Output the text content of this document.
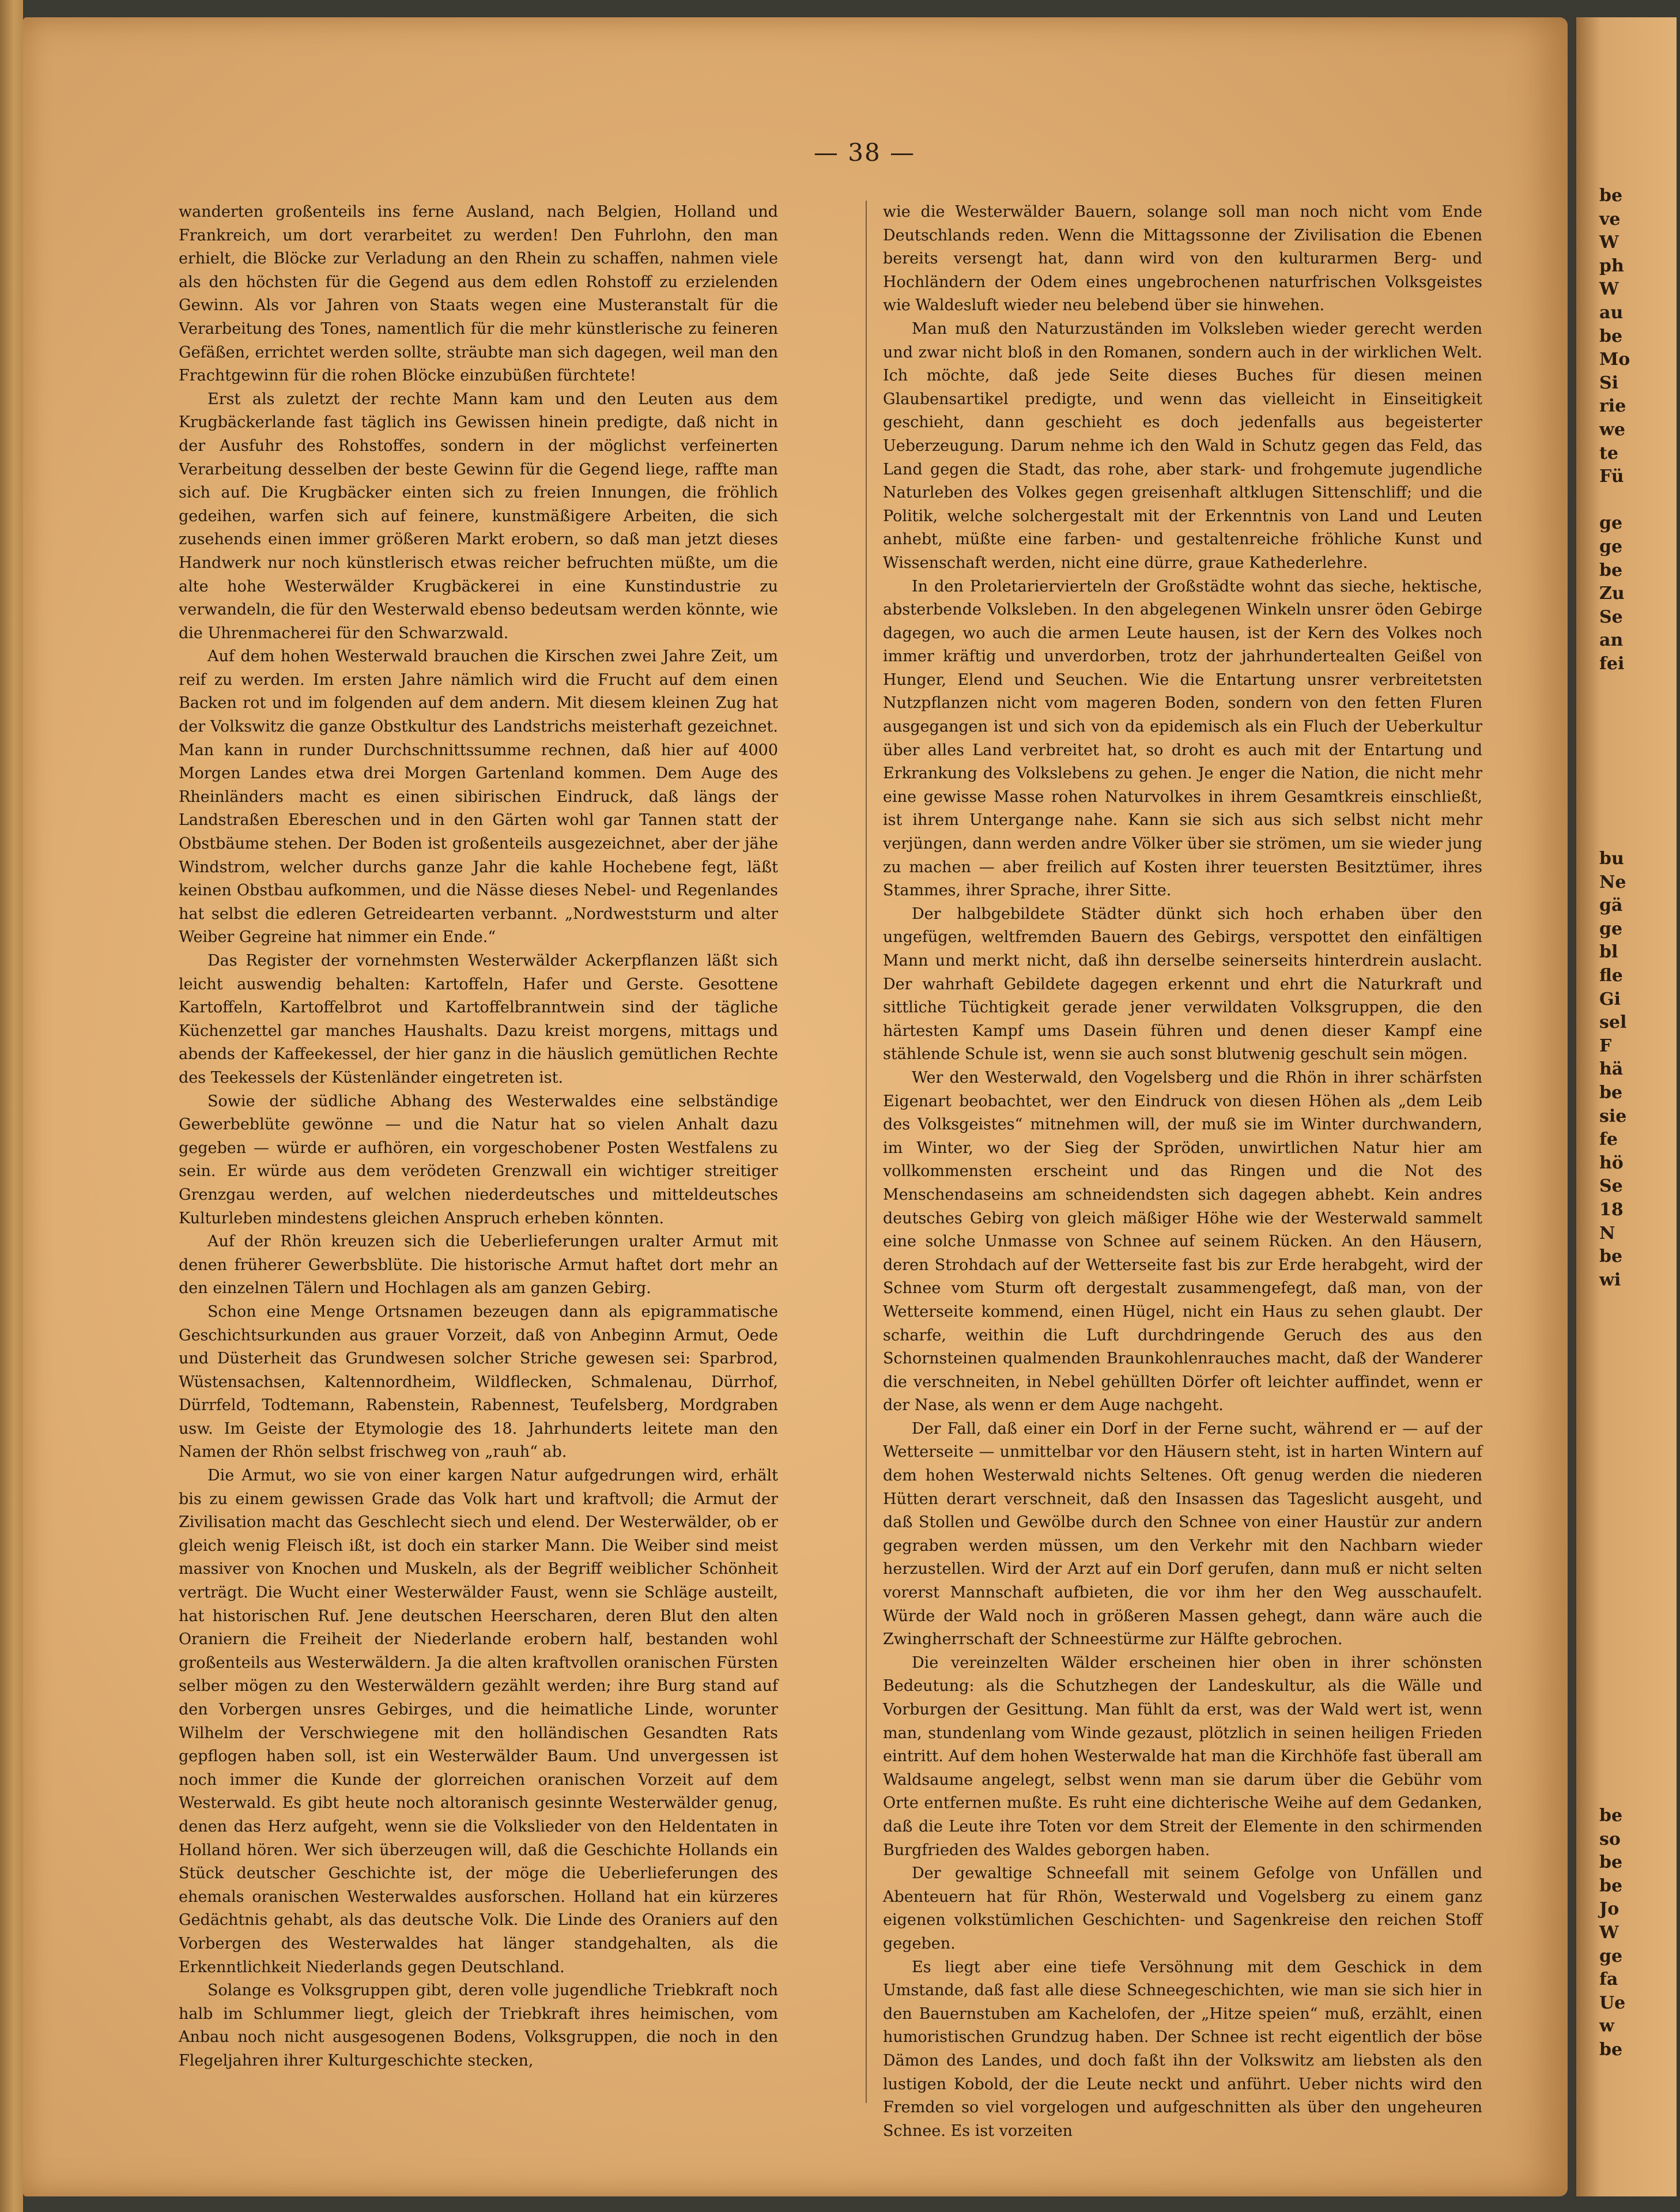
— 38 —

wanderten großenteils ins ferne Ausland, nach Belgien, Holland und Frankreich, um dort verarbeitet zu werden! Den Fuhrlohn, den man erhielt, die Blöcke zur Verladung an den Rhein zu schaffen, nahmen viele als den höchsten für die Gegend aus dem edlen Rohstoff zu erzielenden Gewinn. Als vor Jahren von Staats wegen eine Musteranstalt für die Verarbeitung des Tones, namentlich für die mehr künstlerische zu feineren Gefäßen, errichtet werden sollte, sträubte man sich dagegen, weil man den Frachtgewinn für die rohen Blöcke einzubüßen fürchtete!

Erst als zuletzt der rechte Mann kam und den Leuten aus dem Krugbäckerlande fast täglich ins Gewissen hinein predigte, daß nicht in der Ausfuhr des Rohstoffes, sondern in der möglichst verfeinerten Verarbeitung desselben der beste Gewinn für die Gegend liege, raffte man sich auf. Die Krugbäcker einten sich zu freien Innungen, die fröhlich gedeihen, warfen sich auf feinere, kunstmäßigere Arbeiten, die sich zusehends einen immer größeren Markt erobern, so daß man jetzt dieses Handwerk nur noch künstlerisch etwas reicher befruchten müßte, um die alte hohe Westerwälder Krugbäckerei in eine Kunstindustrie zu verwandeln, die für den Westerwald ebenso bedeutsam werden könnte, wie die Uhrenmacherei für den Schwarzwald.

Auf dem hohen Westerwald brauchen die Kirschen zwei Jahre Zeit, um reif zu werden. Im ersten Jahre nämlich wird die Frucht auf dem einen Backen rot und im folgenden auf dem andern. Mit diesem kleinen Zug hat der Volkswitz die ganze Obstkultur des Landstrichs meisterhaft gezeichnet. Man kann in runder Durchschnittssumme rechnen, daß hier auf 4000 Morgen Landes etwa drei Morgen Gartenland kommen. Dem Auge des Rheinländers macht es einen sibirischen Eindruck, daß längs der Landstraßen Ebereschen und in den Gärten wohl gar Tannen statt der Obstbäume stehen. Der Boden ist großenteils ausgezeichnet, aber der jähe Windstrom, welcher durchs ganze Jahr die kahle Hochebene fegt, läßt keinen Obstbau aufkommen, und die Nässe dieses Nebel- und Regenlandes hat selbst die edleren Getreidearten verbannt. „Nordweststurm und alter Weiber Gegreine hat nimmer ein Ende.“

Das Register der vornehmsten Westerwälder Ackerpflanzen läßt sich leicht auswendig behalten: Kartoffeln, Hafer und Gerste. Gesottene Kartoffeln, Kartoffelbrot und Kartoffelbranntwein sind der tägliche Küchenzettel gar manches Haushalts. Dazu kreist morgens, mittags und abends der Kaffeekessel, der hier ganz in die häuslich gemütlichen Rechte des Teekessels der Küstenländer eingetreten ist.

Sowie der südliche Abhang des Westerwaldes eine selbständige Gewerbeblüte gewönne — und die Natur hat so vielen Anhalt dazu gegeben — würde er aufhören, ein vorgeschobener Posten Westfalens zu sein. Er würde aus dem verödeten Grenzwall ein wichtiger streitiger Grenzgau werden, auf welchen niederdeutsches und mitteldeutsches Kulturleben mindestens gleichen Anspruch erheben könnten.

Auf der Rhön kreuzen sich die Ueberlieferungen uralter Armut mit denen früherer Gewerbsblüte. Die historische Armut haftet dort mehr an den einzelnen Tälern und Hochlagen als am ganzen Gebirg.

Schon eine Menge Ortsnamen bezeugen dann als epigrammatische Geschichtsurkunden aus grauer Vorzeit, daß von Anbeginn Armut, Oede und Düsterheit das Grundwesen solcher Striche gewesen sei: Sparbrod, Wüstensachsen, Kaltennordheim, Wildflecken, Schmalenau, Dürrhof, Dürrfeld, Todtemann, Rabenstein, Rabennest, Teufelsberg, Mordgraben usw. Im Geiste der Etymologie des 18. Jahrhunderts leitete man den Namen der Rhön selbst frischweg von „rauh“ ab.

Die Armut, wo sie von einer kargen Natur aufgedrungen wird, erhält bis zu einem gewissen Grade das Volk hart und kraftvoll; die Armut der Zivilisation macht das Geschlecht siech und elend. Der Westerwälder, ob er gleich wenig Fleisch ißt, ist doch ein starker Mann. Die Weiber sind meist massiver von Knochen und Muskeln, als der Begriff weiblicher Schönheit verträgt. Die Wucht einer Westerwälder Faust, wenn sie Schläge austeilt, hat historischen Ruf. Jene deutschen Heerscharen, deren Blut den alten Oraniern die Freiheit der Niederlande erobern half, bestanden wohl großenteils aus Westerwäldern. Ja die alten kraftvollen oranischen Fürsten selber mögen zu den Westerwäldern gezählt werden; ihre Burg stand auf den Vorbergen unsres Gebirges, und die heimatliche Linde, worunter Wilhelm der Verschwiegene mit den holländischen Gesandten Rats gepflogen haben soll, ist ein Westerwälder Baum. Und unvergessen ist noch immer die Kunde der glorreichen oranischen Vorzeit auf dem Westerwald. Es gibt heute noch altoranisch gesinnte Westerwälder genug, denen das Herz aufgeht, wenn sie die Volkslieder von den Heldentaten in Holland hören. Wer sich überzeugen will, daß die Geschichte Hollands ein Stück deutscher Geschichte ist, der möge die Ueberlieferungen des ehemals oranischen Westerwaldes ausforschen. Holland hat ein kürzeres Gedächtnis gehabt, als das deutsche Volk. Die Linde des Oraniers auf den Vorbergen des Westerwaldes hat länger standgehalten, als die Erkenntlichkeit Niederlands gegen Deutschland.

Solange es Volksgruppen gibt, deren volle jugendliche Triebkraft noch halb im Schlummer liegt, gleich der Triebkraft ihres heimischen, vom Anbau noch nicht ausgesogenen Bodens, Volksgruppen, die noch in den Flegeljahren ihrer Kulturgeschichte stecken,

wie die Westerwälder Bauern, solange soll man noch nicht vom Ende Deutschlands reden. Wenn die Mittagssonne der Zivilisation die Ebenen bereits versengt hat, dann wird von den kulturarmen Berg- und Hochländern der Odem eines ungebrochenen naturfrischen Volksgeistes wie Waldesluft wieder neu belebend über sie hinwehen.

Man muß den Naturzuständen im Volksleben wieder gerecht werden und zwar nicht bloß in den Romanen, sondern auch in der wirklichen Welt. Ich möchte, daß jede Seite dieses Buches für diesen meinen Glaubensartikel predigte, und wenn das vielleicht in Einseitigkeit geschieht, dann geschieht es doch jedenfalls aus begeisterter Ueberzeugung. Darum nehme ich den Wald in Schutz gegen das Feld, das Land gegen die Stadt, das rohe, aber stark- und frohgemute jugendliche Naturleben des Volkes gegen greisenhaft altklugen Sittenschliff; und die Politik, welche solchergestalt mit der Erkenntnis von Land und Leuten anhebt, müßte eine farben- und gestaltenreiche fröhliche Kunst und Wissenschaft werden, nicht eine dürre, graue Kathederlehre.

In den Proletariervierteln der Großstädte wohnt das sieche, hektische, absterbende Volksleben. In den abgelegenen Winkeln unsrer öden Gebirge dagegen, wo auch die armen Leute hausen, ist der Kern des Volkes noch immer kräftig und unverdorben, trotz der jahrhundertealten Geißel von Hunger, Elend und Seuchen. Wie die Entartung unsrer verbreitetsten Nutzpflanzen nicht vom mageren Boden, sondern von den fetten Fluren ausgegangen ist und sich von da epidemisch als ein Fluch der Ueberkultur über alles Land verbreitet hat, so droht es auch mit der Entartung und Erkrankung des Volkslebens zu gehen. Je enger die Nation, die nicht mehr eine gewisse Masse rohen Naturvolkes in ihrem Gesamtkreis einschließt, ist ihrem Untergange nahe. Kann sie sich aus sich selbst nicht mehr verjüngen, dann werden andre Völker über sie strömen, um sie wieder jung zu machen — aber freilich auf Kosten ihrer teuersten Besitztümer, ihres Stammes, ihrer Sprache, ihrer Sitte.

Der halbgebildete Städter dünkt sich hoch erhaben über den ungefügen, weltfremden Bauern des Gebirgs, verspottet den einfältigen Mann und merkt nicht, daß ihn derselbe seinerseits hinterdrein auslacht. Der wahrhaft Gebildete dagegen erkennt und ehrt die Naturkraft und sittliche Tüchtigkeit gerade jener verwildaten Volksgruppen, die den härtesten Kampf ums Dasein führen und denen dieser Kampf eine stählende Schule ist, wenn sie auch sonst blutwenig geschult sein mögen.

Wer den Westerwald, den Vogelsberg und die Rhön in ihrer schärfsten Eigenart beobachtet, wer den Eindruck von diesen Höhen als „dem Leib des Volksgeistes“ mitnehmen will, der muß sie im Winter durchwandern, im Winter, wo der Sieg der Spröden, unwirtlichen Natur hier am vollkommensten erscheint und das Ringen und die Not des Menschendaseins am schneidendsten sich dagegen abhebt. Kein andres deutsches Gebirg von gleich mäßiger Höhe wie der Westerwald sammelt eine solche Unmasse von Schnee auf seinem Rücken. An den Häusern, deren Strohdach auf der Wetterseite fast bis zur Erde herabgeht, wird der Schnee vom Sturm oft dergestalt zusammengefegt, daß man, von der Wetterseite kommend, einen Hügel, nicht ein Haus zu sehen glaubt. Der scharfe, weithin die Luft durchdringende Geruch des aus den Schornsteinen qualmenden Braunkohlenrauches macht, daß der Wanderer die verschneiten, in Nebel gehüllten Dörfer oft leichter auffindet, wenn er der Nase, als wenn er dem Auge nachgeht.

Der Fall, daß einer ein Dorf in der Ferne sucht, während er — auf der Wetterseite — unmittelbar vor den Häusern steht, ist in harten Wintern auf dem hohen Westerwald nichts Seltenes. Oft genug werden die niederen Hütten derart verschneit, daß den Insassen das Tageslicht ausgeht, und daß Stollen und Gewölbe durch den Schnee von einer Haustür zur andern gegraben werden müssen, um den Verkehr mit den Nachbarn wieder herzustellen. Wird der Arzt auf ein Dorf gerufen, dann muß er nicht selten vorerst Mannschaft aufbieten, die vor ihm her den Weg ausschaufelt. Würde der Wald noch in größeren Massen gehegt, dann wäre auch die Zwingherrschaft der Schneestürme zur Hälfte gebrochen.

Die vereinzelten Wälder erscheinen hier oben in ihrer schönsten Bedeutung: als die Schutzhegen der Landeskultur, als die Wälle und Vorburgen der Gesittung. Man fühlt da erst, was der Wald wert ist, wenn man, stundenlang vom Winde gezaust, plötzlich in seinen heiligen Frieden eintritt. Auf dem hohen Westerwalde hat man die Kirchhöfe fast überall am Waldsaume angelegt, selbst wenn man sie darum über die Gebühr vom Orte entfernen mußte. Es ruht eine dichterische Weihe auf dem Gedanken, daß die Leute ihre Toten vor dem Streit der Elemente in den schirmenden Burgfrieden des Waldes geborgen haben.

Der gewaltige Schneefall mit seinem Gefolge von Unfällen und Abenteuern hat für Rhön, Westerwald und Vogelsberg zu einem ganz eigenen volkstümlichen Geschichten- und Sagenkreise den reichen Stoff gegeben.

Es liegt aber eine tiefe Versöhnung mit dem Geschick in dem Umstande, daß fast alle diese Schneegeschichten, wie man sie sich hier in den Bauernstuben am Kachelofen, der „Hitze speien“ muß, erzählt, einen humoristischen Grundzug haben. Der Schnee ist recht eigentlich der böse Dämon des Landes, und doch faßt ihn der Volkswitz am liebsten als den lustigen Kobold, der die Leute neckt und anführt. Ueber nichts wird den Fremden so viel vorgelogen und aufgeschnitten als über den ungeheuren Schnee. Es ist vorzeiten

be
ve
W
ph
W
au
be
Mo
Si
rie
we
te
Fü

ge
ge
be
Zu
Se
an
fei
bu
Ne
gä
ge
bl
fle
Gi
sel
F
hä
be
sie
fe
hö
Se
18
N
be
wi
be
so
be
be
Jo
W
ge
fa
Ue
w
be
